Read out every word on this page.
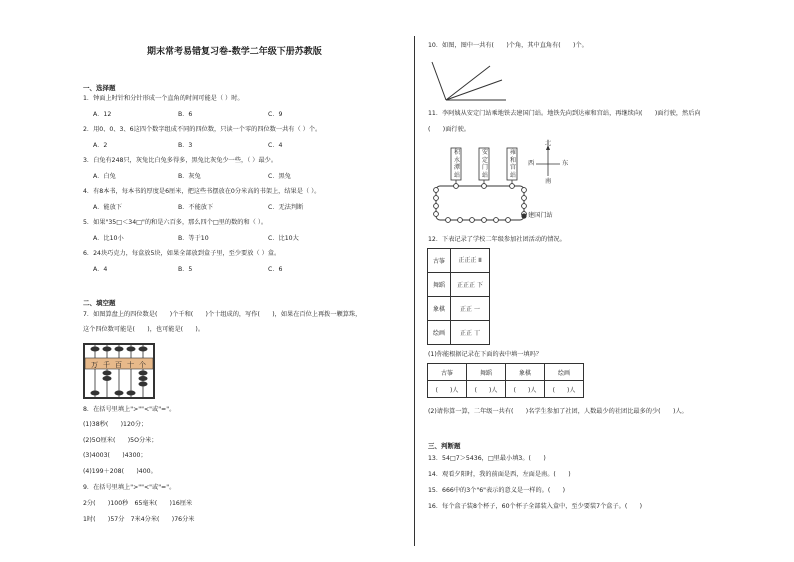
期末常考易错复习卷-数学二年级下册苏教版
一、选择题
1．钟面上时针和分针形成一个直角的时间可能是（ ）时。
A．12	B．6	C．9
2．用0、0、3、6这四个数字组成不同的四位数，只读一个零的四位数一共有（ ）个。
A．2	B．3	C．4
3．白兔有248只，灰兔比白兔多得多，黑兔比灰兔少一些，（ ）最少。
A．白兔	B．灰兔	C．黑兔
4．有8本书，每本书的厚度是6厘米，把这些书摆放在0分米高的书架上，结果是（ ）。
A．能放下	B．不能放下	C．无法判断
5．如果"35□＜34□"的和是六百多，那么四个□里的数的和（ ）。
A．比10小	B．等于10	C．比10大
6．24块巧克力，每盒放5块，如果全部放到盒子里，至少要放（ ）盒。
A．4	B．5	C．6
二、填空题
7．如图算盘上的四位数是(　　)个千和(　　)个十组成的，写作(　　)，如果在百位上再拨一颗算珠，
这个四位数可能是(　　)，也可能是(　　)。
万 千 百 十 个
8．在括号里填上">""<"或"="。
(1)38秒(　　)120分；
(2)5O厘米(　　)5O分米；
(3)4003(　　)4300；
(4)199＋208(　　)400。
9．在括号里填上">""<"或"="。
2分(　　)100秒　65毫米(　　)16厘米
1时(　　)57分　7米4分米(　　)76分米
10．如图，图中一共有(　　)个角，其中直角有(　　)个。
11．李阿姨从安定门站乘地铁去建国门站。地铁先向到达雍和宫站，再继续向(　　)面行驶，然后向
(　　)面行驶。
积水潭站
安定门站
雍和宫站
建国门站
北
南
西	东
12．下表记录了学校二年级参加社团活动的情况。
古筝	正正正 𝍫
舞蹈	正正正 下
象棋	正正 一
绘画	正正 丅
(1)你能根据记录在下面的表中填一填吗？
古筝	舞蹈	象棋	绘画
(　　)人	(　　)人	(　　)人	(　　)人
(2)请你算一算，二年级一共有(　　)名学生参加了社团，人数最少的社团比最多的少(　　)人。
三、判断题
13．54□7＞5436，□里最小填3。(　　)
14．观看夕阳时，我的前面是西，左面是南。(　　)
15．666中的3个"6"表示的意义是一样的。(　　)
16．每个盒子装8个杯子，60个杯子全部装入盒中，至少要装7个盒子。(　　)
